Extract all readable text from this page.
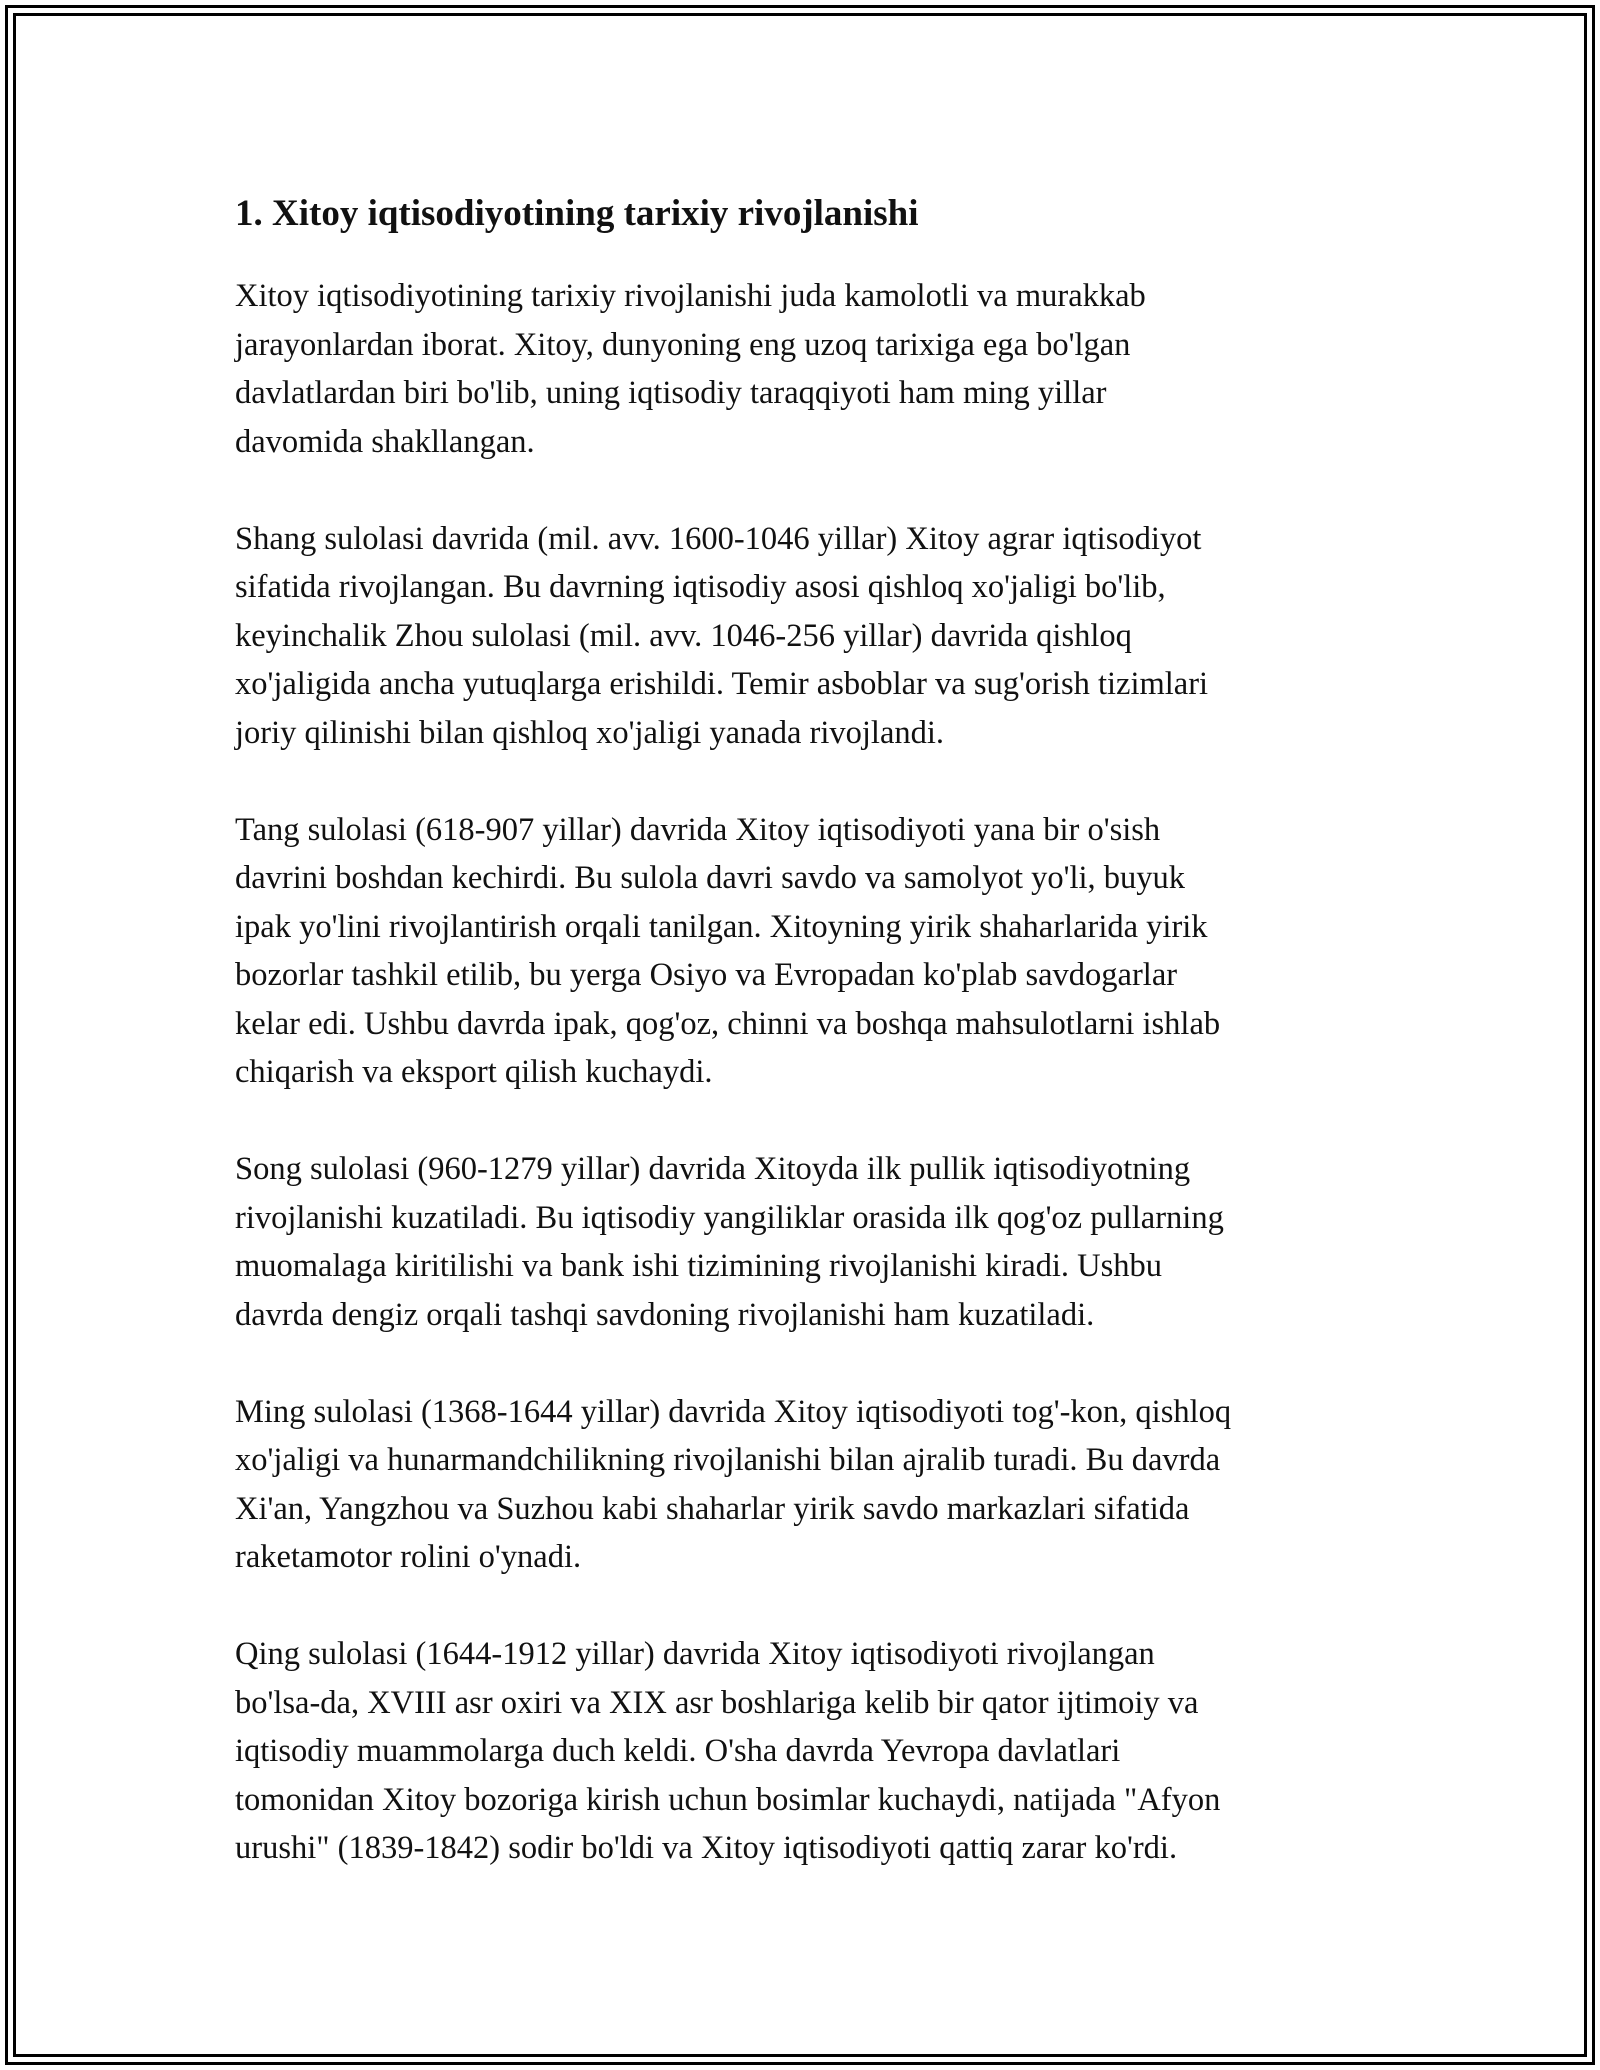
1. Xitoy iqtisodiyotining tarixiy rivojlanishi

Xitoy iqtisodiyotining tarixiy rivojlanishi juda kamolotli va murakkab
jarayonlardan iborat. Xitoy, dunyoning eng uzoq tarixiga ega bo'lgan
davlatlardan biri bo'lib, uning iqtisodiy taraqqiyoti ham ming yillar
davomida shakllangan.

Shang sulolasi davrida (mil. avv. 1600-1046 yillar) Xitoy agrar iqtisodiyot
sifatida rivojlangan. Bu davrning iqtisodiy asosi qishloq xo'jaligi bo'lib,
keyinchalik Zhou sulolasi (mil. avv. 1046-256 yillar) davrida qishloq
xo'jaligida ancha yutuqlarga erishildi. Temir asboblar va sug'orish tizimlari
joriy qilinishi bilan qishloq xo'jaligi yanada rivojlandi.

Tang sulolasi (618-907 yillar) davrida Xitoy iqtisodiyoti yana bir o'sish
davrini boshdan kechirdi. Bu sulola davri savdo va samolyot yo'li, buyuk
ipak yo'lini rivojlantirish orqali tanilgan. Xitoyning yirik shaharlarida yirik
bozorlar tashkil etilib, bu yerga Osiyo va Evropadan ko'plab savdogarlar
kelar edi. Ushbu davrda ipak, qog'oz, chinni va boshqa mahsulotlarni ishlab
chiqarish va eksport qilish kuchaydi.

Song sulolasi (960-1279 yillar) davrida Xitoyda ilk pullik iqtisodiyotning
rivojlanishi kuzatiladi. Bu iqtisodiy yangiliklar orasida ilk qog'oz pullarning
muomalaga kiritilishi va bank ishi tizimining rivojlanishi kiradi. Ushbu
davrda dengiz orqali tashqi savdoning rivojlanishi ham kuzatiladi.

Ming sulolasi (1368-1644 yillar) davrida Xitoy iqtisodiyoti tog'-kon, qishloq
xo'jaligi va hunarmandchilikning rivojlanishi bilan ajralib turadi. Bu davrda
Xi'an, Yangzhou va Suzhou kabi shaharlar yirik savdo markazlari sifatida
raketamotor rolini o'ynadi.

Qing sulolasi (1644-1912 yillar) davrida Xitoy iqtisodiyoti rivojlangan
bo'lsa-da, XVIII asr oxiri va XIX asr boshlariga kelib bir qator ijtimoiy va
iqtisodiy muammolarga duch keldi. O'sha davrda Yevropa davlatlari
tomonidan Xitoy bozoriga kirish uchun bosimlar kuchaydi, natijada "Afyon
urushi" (1839-1842) sodir bo'ldi va Xitoy iqtisodiyoti qattiq zarar ko'rdi.
